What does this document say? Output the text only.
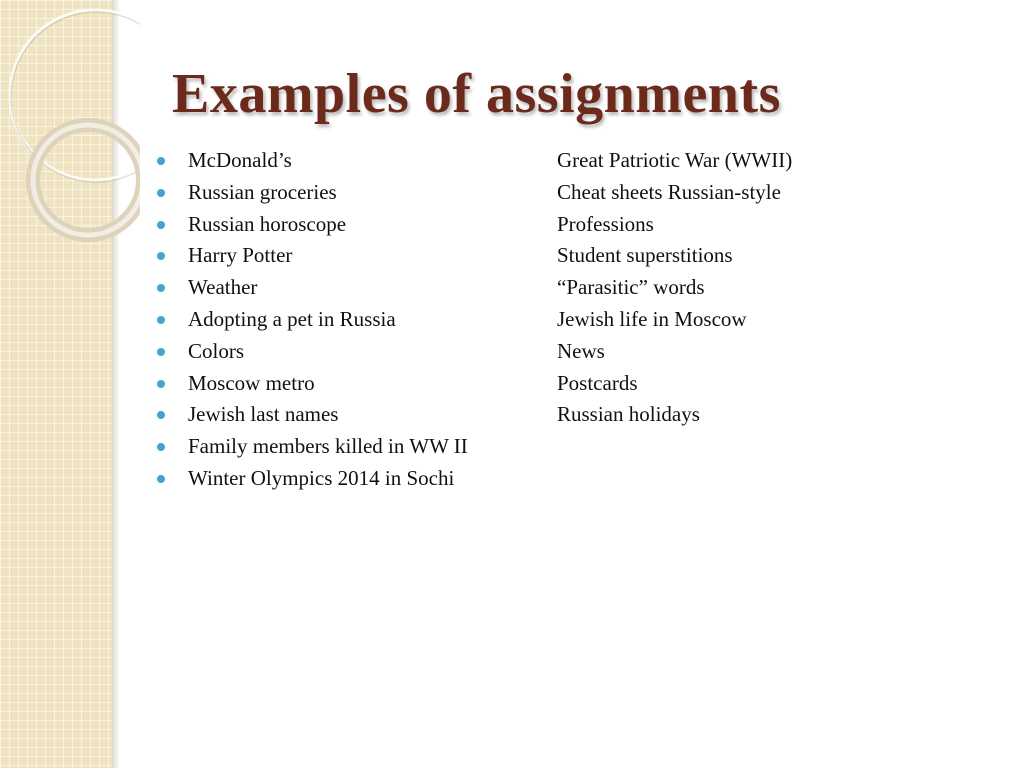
Examples of assignments
McDonald’s
Russian groceries
Russian horoscope
Harry Potter
Weather
Adopting a pet in Russia
Colors
Moscow metro
Jewish last names
Family members killed in WW II
Winter Olympics 2014 in Sochi
Great Patriotic War (WWII)
Cheat sheets Russian-style
Professions
Student superstitions
“Parasitic” words
Jewish life in Moscow
News
Postcards
Russian holidays
